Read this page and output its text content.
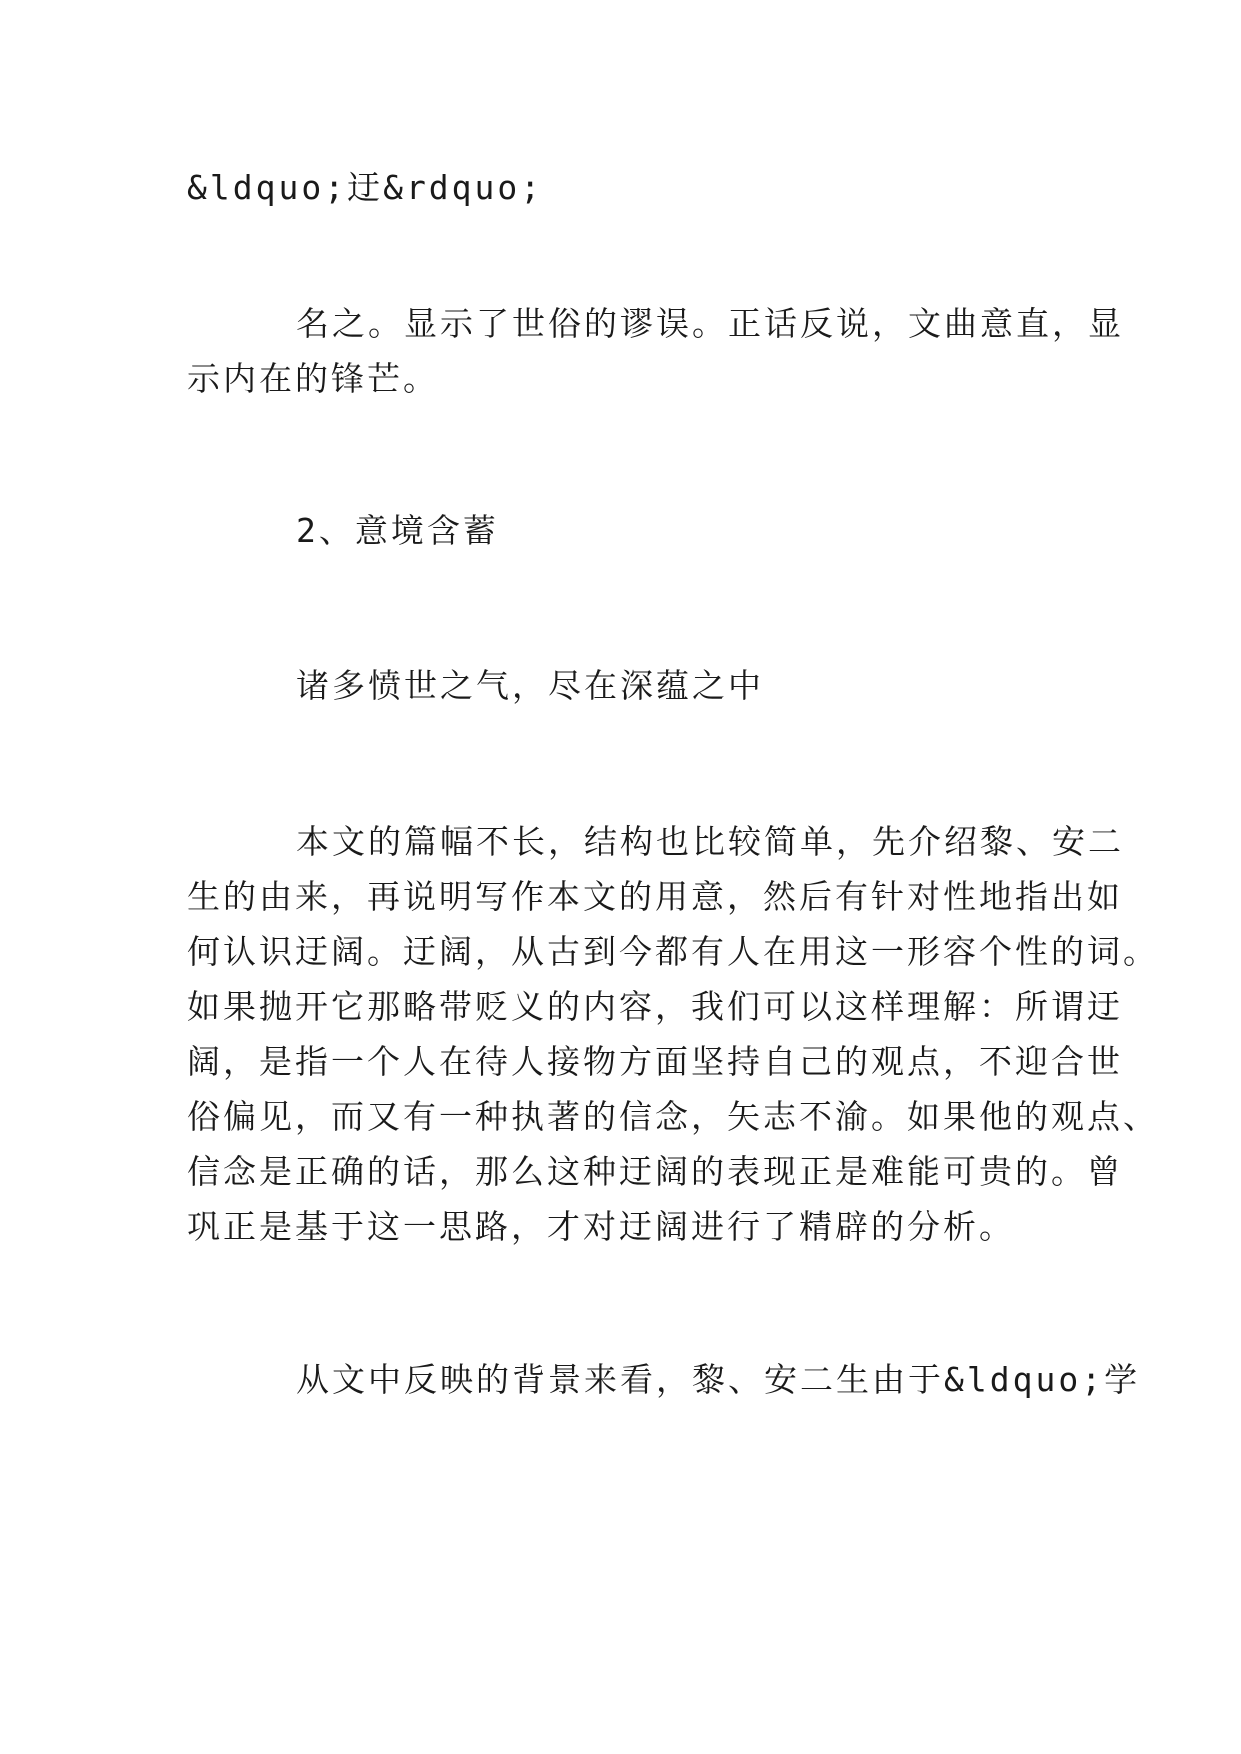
&ldquo;迂&rdquo;
名之。显示了世俗的谬误。正话反说，文曲意直，显
示内在的锋芒。
2、意境含蓄
诸多愤世之气，尽在深蕴之中
本文的篇幅不长，结构也比较简单，先介绍黎、安二
生的由来，再说明写作本文的用意，然后有针对性地指出如
何认识迂阔。迂阔，从古到今都有人在用这一形容个性的词。
如果抛开它那略带贬义的内容，我们可以这样理解：所谓迂
阔，是指一个人在待人接物方面坚持自己的观点，不迎合世
俗偏见，而又有一种执著的信念，矢志不渝。如果他的观点、
信念是正确的话，那么这种迂阔的表现正是难能可贵的。曾
巩正是基于这一思路，才对迂阔进行了精辟的分析。
从文中反映的背景来看，黎、安二生由于&ldquo;学
